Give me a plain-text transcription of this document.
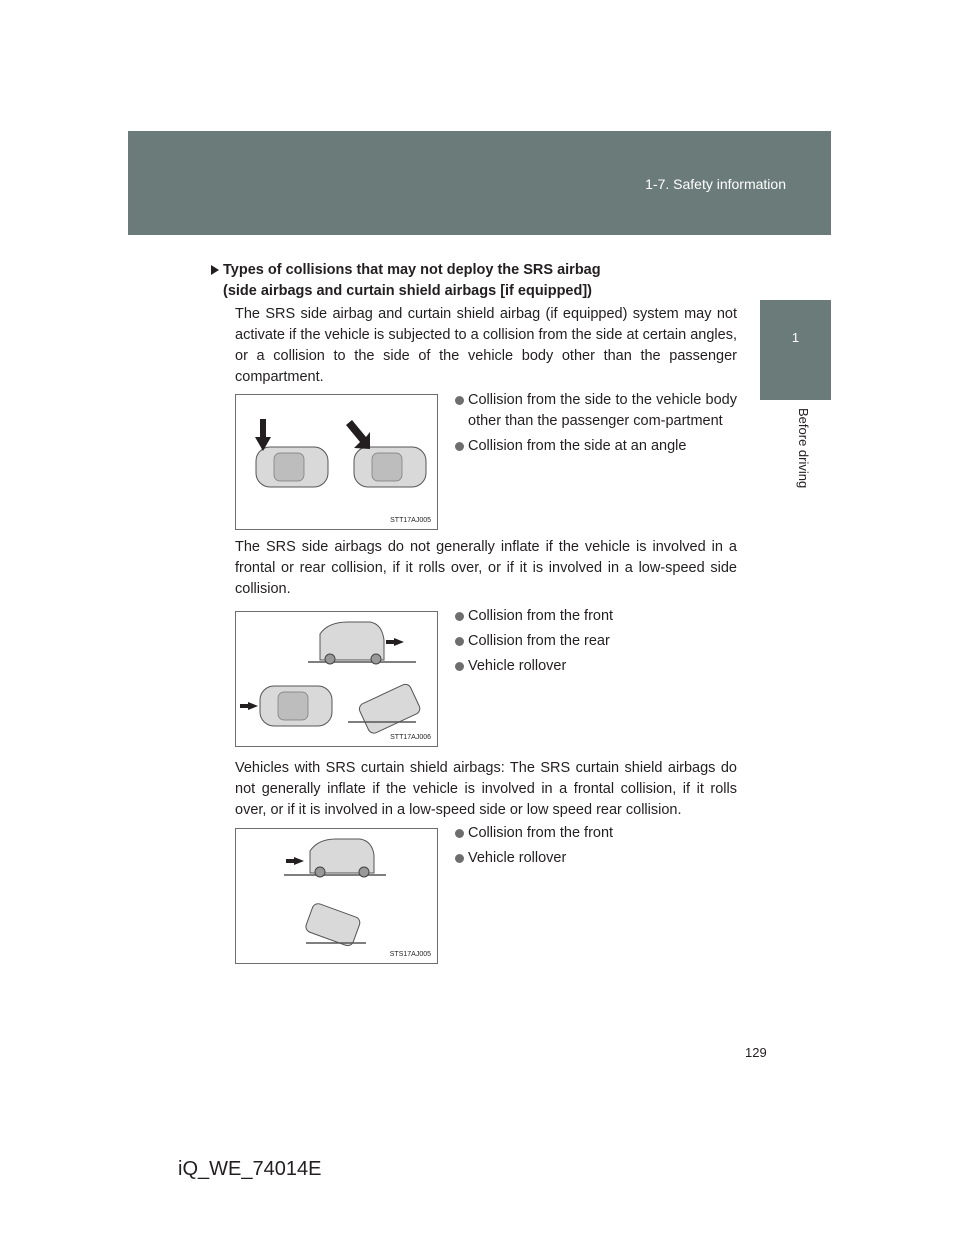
1-7. Safety information
1
Before driving
Types of collisions that may not deploy the SRS airbag
(side airbags and curtain shield airbags [if equipped])

The SRS side airbag and curtain shield airbag (if equipped) system may not activate if the vehicle is subjected to a collision from the side at certain angles, or a collision to the side of the vehicle body other than the passenger compartment.

STT17AJ005
Collision from the side to the vehicle body other than the passenger com-partment
Collision from the side at an angle

The SRS side airbags do not generally inflate if the vehicle is involved in a frontal or rear collision, if it rolls over, or if it is involved in a low-speed side collision.

STT17AJ006
Collision from the front
Collision from the rear
Vehicle rollover

Vehicles with SRS curtain shield airbags: The SRS curtain shield airbags do not generally inflate if the vehicle is involved in a frontal collision, if it rolls over, or if it is involved in a low-speed side or low speed rear collision.

STS17AJ005
Collision from the front
Vehicle rollover
129
iQ_WE_74014E
